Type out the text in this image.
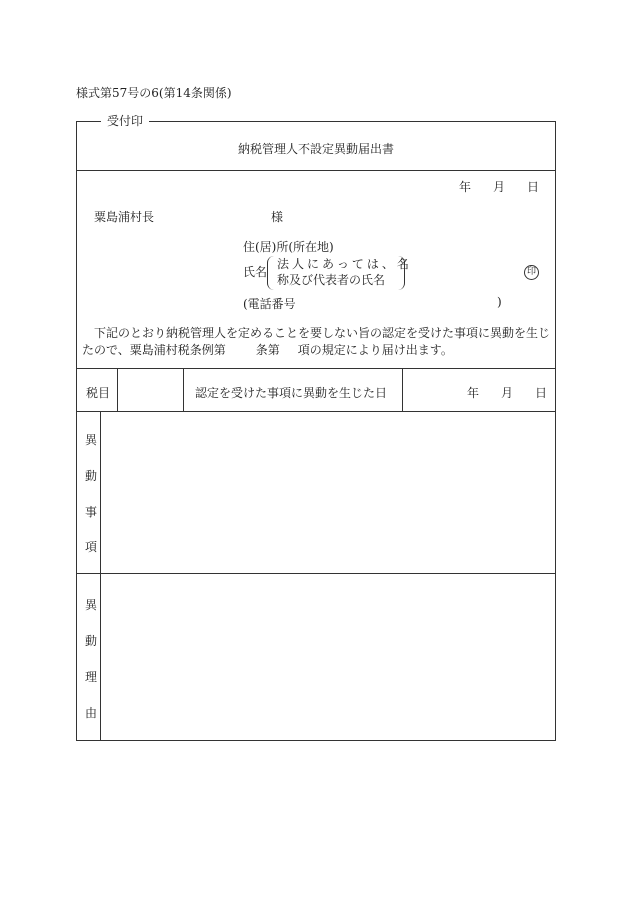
様式第57号の6(第14条関係)
受付印
納税管理人不設定異動届出書
年 月 日
粟島浦村長	様
住(居)所(所在地)
氏名
法人にあっては、名
称及び代表者の氏名
印
(電話番号	)
　下記のとおり納税管理人を定めることを要しない旨の認定を受けた事項に異動を生じたので、粟島浦村税条例第	条第 項の規定により届け出ます。
税目	認定を受けた事項に異動を生じた日	年 月 日
異
動
事
項
異
動
理
由
